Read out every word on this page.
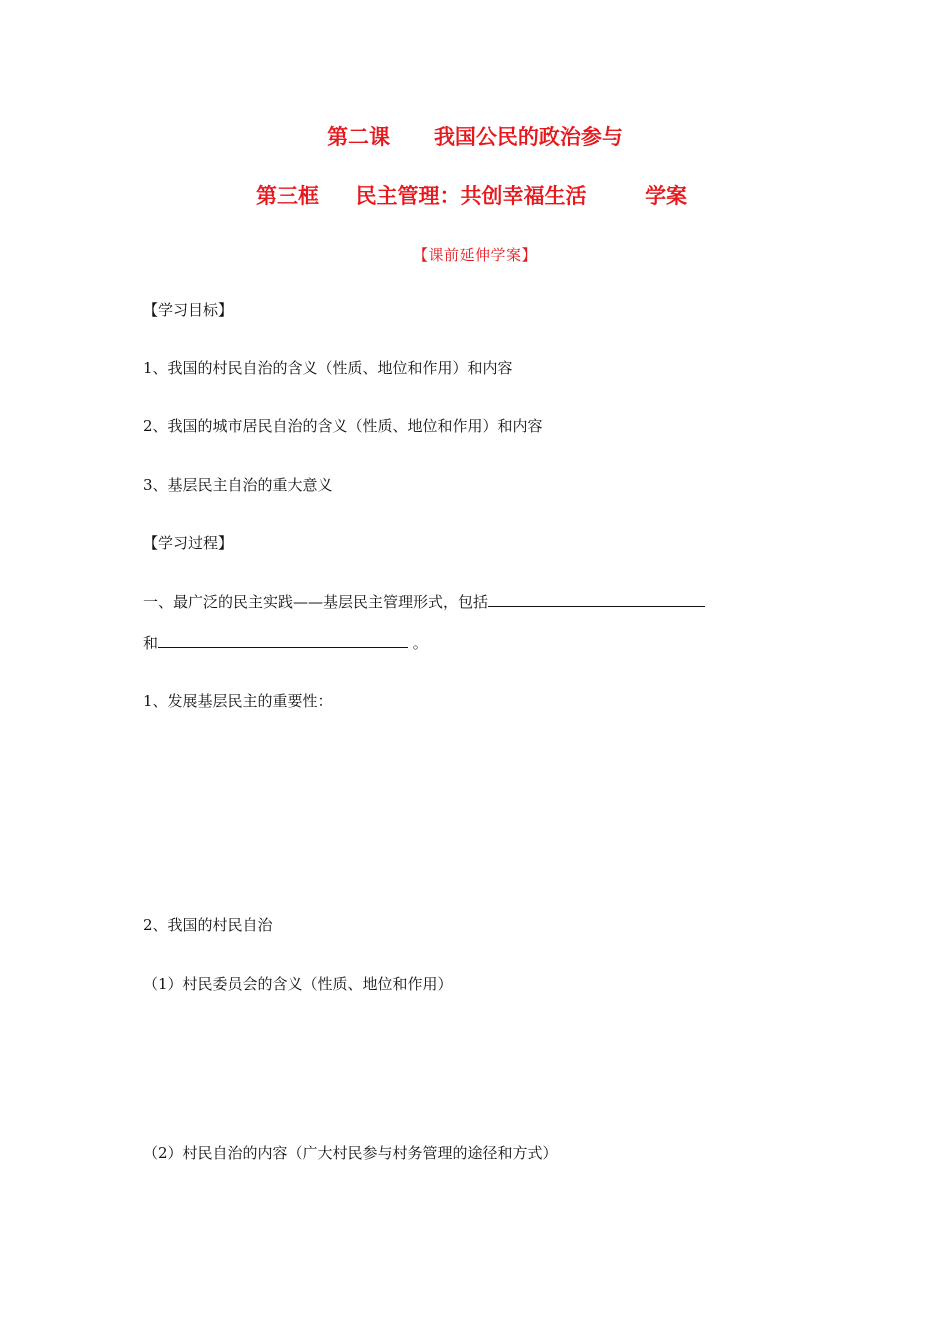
第二课 我国公民的政治参与
第三框 民主管理：共创幸福生活	学案
【课前延伸学案】
【学习目标】
1、我国的村民自治的含义（性质、地位和作用）和内容
2、我国的城市居民自治的含义（性质、地位和作用）和内容
3、基层民主自治的重大意义
【学习过程】
一、最广泛的民主实践——基层民主管理形式，包括
和	。
1、发展基层民主的重要性：
2、我国的村民自治
（1）村民委员会的含义（性质、地位和作用）
（2）村民自治的内容（广大村民参与村务管理的途径和方式）
